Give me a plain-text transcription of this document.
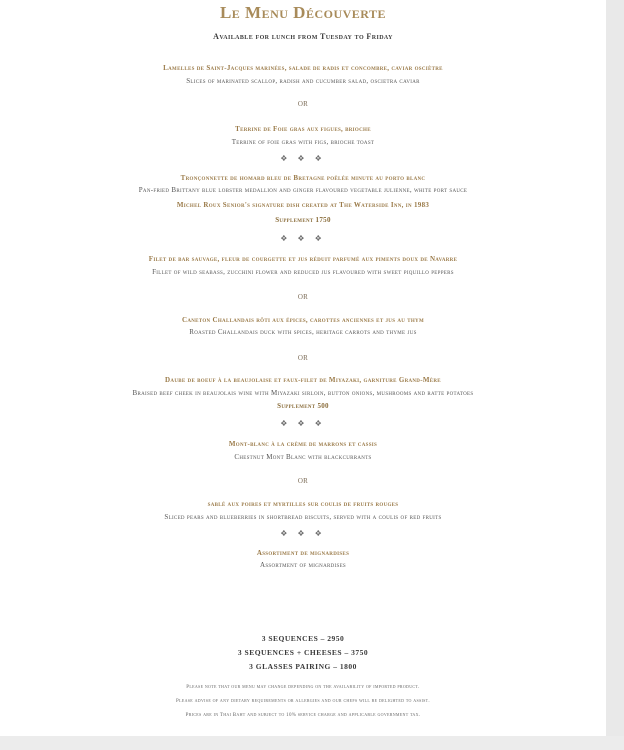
Le Menu Découverte
Available for lunch from Tuesday to Friday
Lamelles de Saint-Jacques marinées, salade de radis et concombre, caviar osciètre
Slices of marinated scallop, radish and cucumber salad, oscietra caviar
OR
Terrine de Foie gras aux figues, brioche
Terrine of foie gras with figs, brioche toast
❖ ❖ ❖
Tronçonnette de homard bleu de Bretagne poêlée minute au porto blanc
Pan-fried Brittany blue lobster medallion and ginger flavoured vegetable julienne, white port sauce
Michel Roux Senior's signature dish created at The Waterside Inn, in 1983
Supplement 1750
❖ ❖ ❖
Filet de bar sauvage, fleur de courgette et jus réduit parfumé aux piments doux de Navarre
Fillet of wild seabass, zucchini flower and reduced jus flavoured with sweet piquillo peppers
OR
Caneton Challandais rôti aux épices, carottes anciennes et jus au thym
Roasted Challandais duck with spices, heritage carrots and thyme jus
OR
Daube de boeuf à la beaujolaise et faux-filet de Miyazaki, garniture Grand-Mère
Braised beef cheek in beaujolais wine with Miyazaki sirloin, button onions, mushrooms and ratte potatoes
Supplement 500
❖ ❖ ❖
Mont-blanc à la crème de marrons et cassis
Chestnut Mont Blanc with blackcurrants
OR
sablé aux poires et myrtilles sur coulis de fruits rouges
Sliced pears and blueberries in shortbread biscuits, served with a coulis of red fruits
❖ ❖ ❖
Assortiment de mignardises
Assortment of mignardises
3 SEQUENCES – 2950
3 SEQUENCES + CHEESES – 3750
3 GLASSES PAIRING – 1800
Please note that our menu may change depending on the availability of imported product.
Please advise of any dietary requirements or allergies and our chefs will be delighted to assist.
Prices are in Thai Baht and subject to 10% service charge and applicable government tax.
